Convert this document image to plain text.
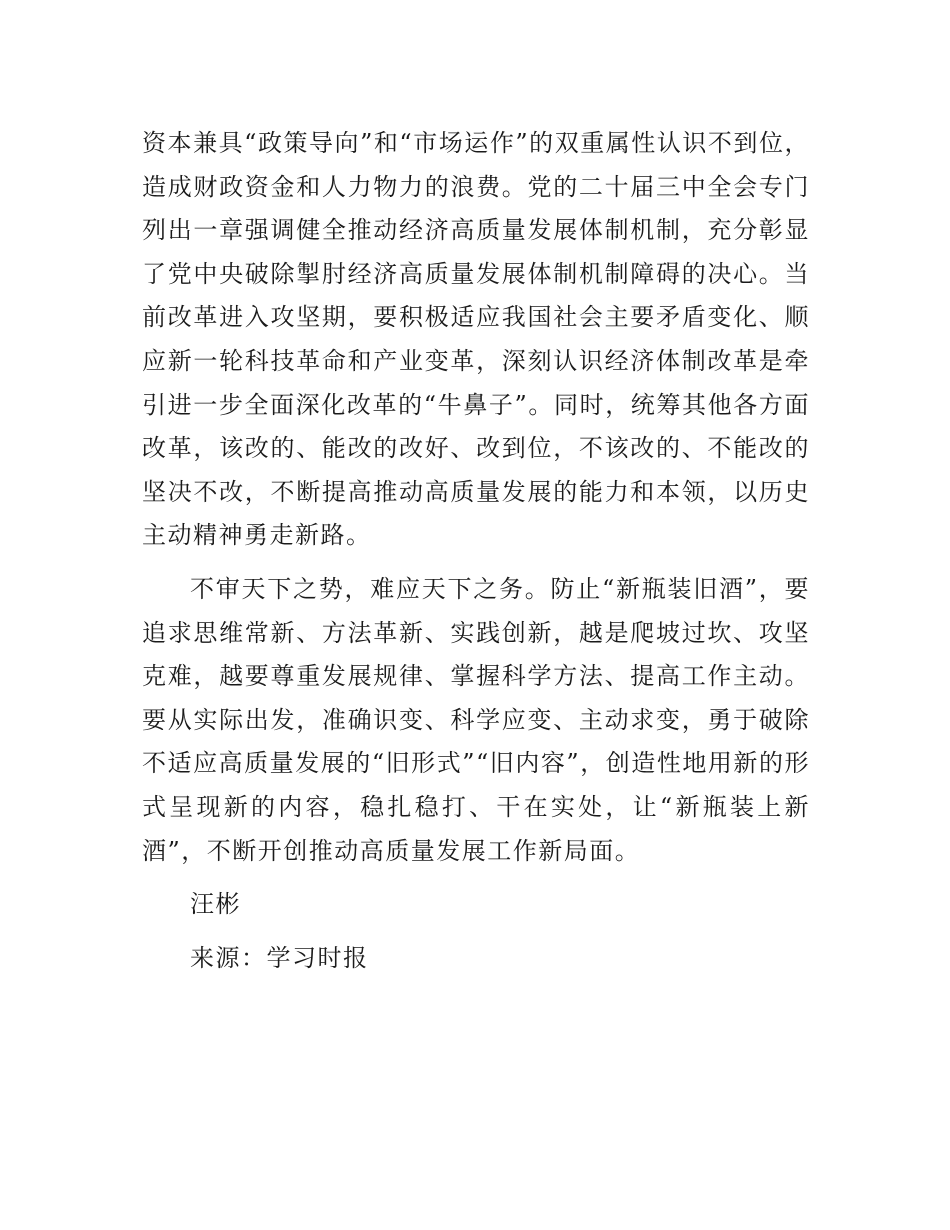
资本兼具“政策导向”和“市场运作”的双重属性认识不到位，造成财政资金和人力物力的浪费。党的二十届三中全会专门列出一章强调健全推动经济高质量发展体制机制，充分彰显了党中央破除掣肘经济高质量发展体制机制障碍的决心。当前改革进入攻坚期，要积极适应我国社会主要矛盾变化、顺应新一轮科技革命和产业变革，深刻认识经济体制改革是牵引进一步全面深化改革的“牛鼻子”。同时，统筹其他各方面改革，该改的、能改的改好、改到位，不该改的、不能改的坚决不改，不断提高推动高质量发展的能力和本领，以历史主动精神勇走新路。

不审天下之势，难应天下之务。防止“新瓶装旧酒”，要追求思维常新、方法革新、实践创新，越是爬坡过坎、攻坚克难，越要尊重发展规律、掌握科学方法、提高工作主动。要从实际出发，准确识变、科学应变、主动求变，勇于破除不适应高质量发展的“旧形式”“旧内容”，创造性地用新的形式呈现新的内容，稳扎稳打、干在实处，让“新瓶装上新酒”，不断开创推动高质量发展工作新局面。

汪彬

来源：学习时报
